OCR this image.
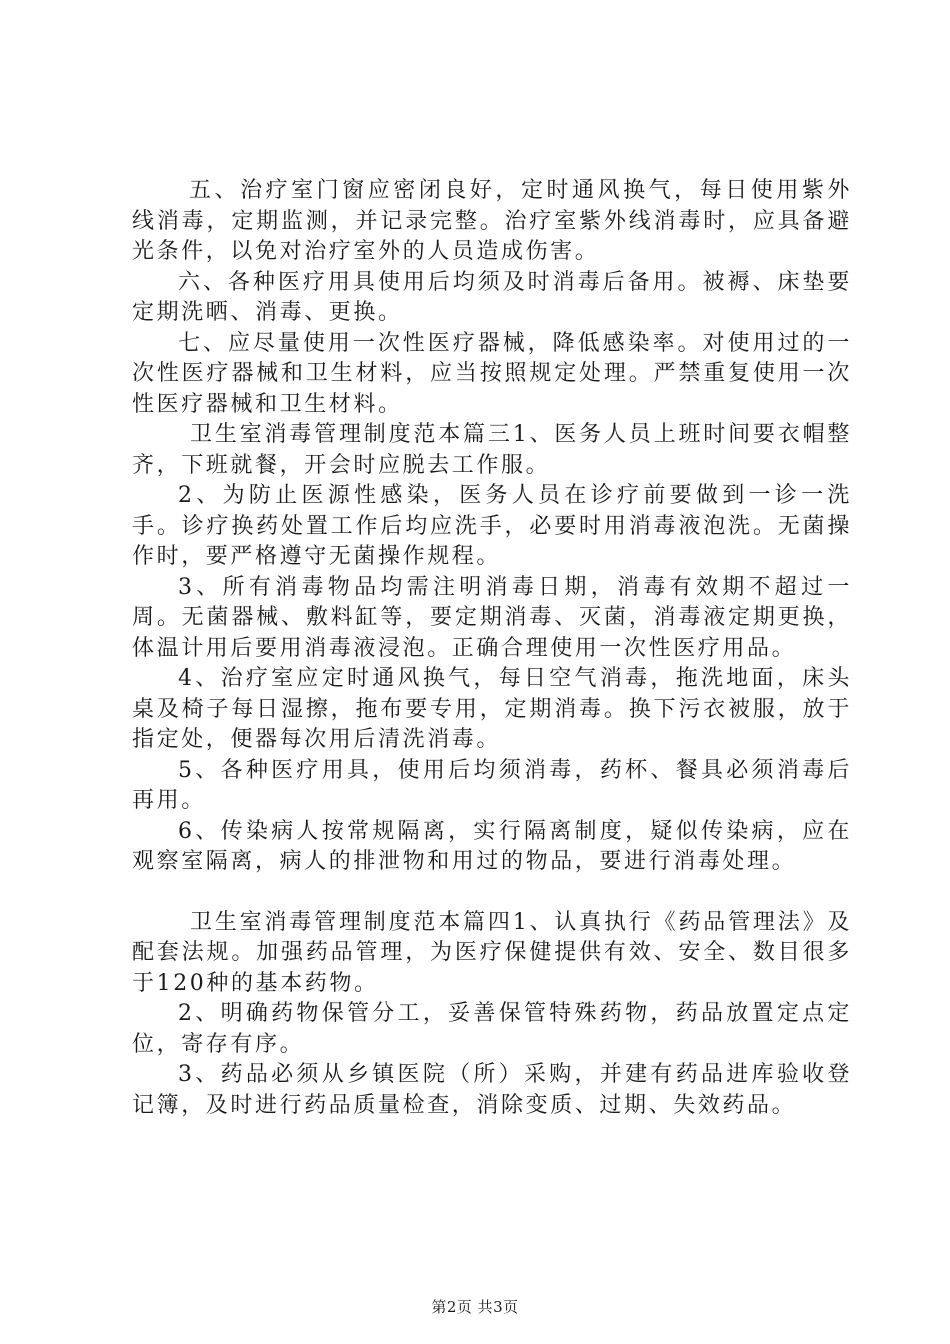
五、治疗室门窗应密闭良好，定时通风换气，每日使用紫外线消毒，定期监测，并记录完整。治疗室紫外线消毒时，应具备避光条件，以免对治疗室外的人员造成伤害。

六、各种医疗用具使用后均须及时消毒后备用。被褥、床垫要定期洗晒、消毒、更换。

七、应尽量使用一次性医疗器械，降低感染率。对使用过的一次性医疗器械和卫生材料，应当按照规定处理。严禁重复使用一次性医疗器械和卫生材料。

卫生室消毒管理制度范本篇三1、医务人员上班时间要衣帽整齐，下班就餐，开会时应脱去工作服。

2、为防止医源性感染，医务人员在诊疗前要做到一诊一洗手。诊疗换药处置工作后均应洗手，必要时用消毒液泡洗。无菌操作时，要严格遵守无菌操作规程。

3、所有消毒物品均需注明消毒日期，消毒有效期不超过一周。无菌器械、敷料缸等，要定期消毒、灭菌，消毒液定期更换，体温计用后要用消毒液浸泡。正确合理使用一次性医疗用品。

4、治疗室应定时通风换气，每日空气消毒，拖洗地面，床头桌及椅子每日湿擦，拖布要专用，定期消毒。换下污衣被服，放于指定处，便器每次用后清洗消毒。

5、各种医疗用具，使用后均须消毒，药杯、餐具必须消毒后再用。

6、传染病人按常规隔离，实行隔离制度，疑似传染病，应在观察室隔离，病人的排泄物和用过的物品，要进行消毒处理。

卫生室消毒管理制度范本篇四1、认真执行《药品管理法》及配套法规。加强药品管理，为医疗保健提供有效、安全、数目很多于120种的基本药物。

2、明确药物保管分工，妥善保管特殊药物，药品放置定点定位，寄存有序。

3、药品必须从乡镇医院（所）采购，并建有药品进库验收登记簿，及时进行药品质量检查，消除变质、过期、失效药品。

第2页 共3页
